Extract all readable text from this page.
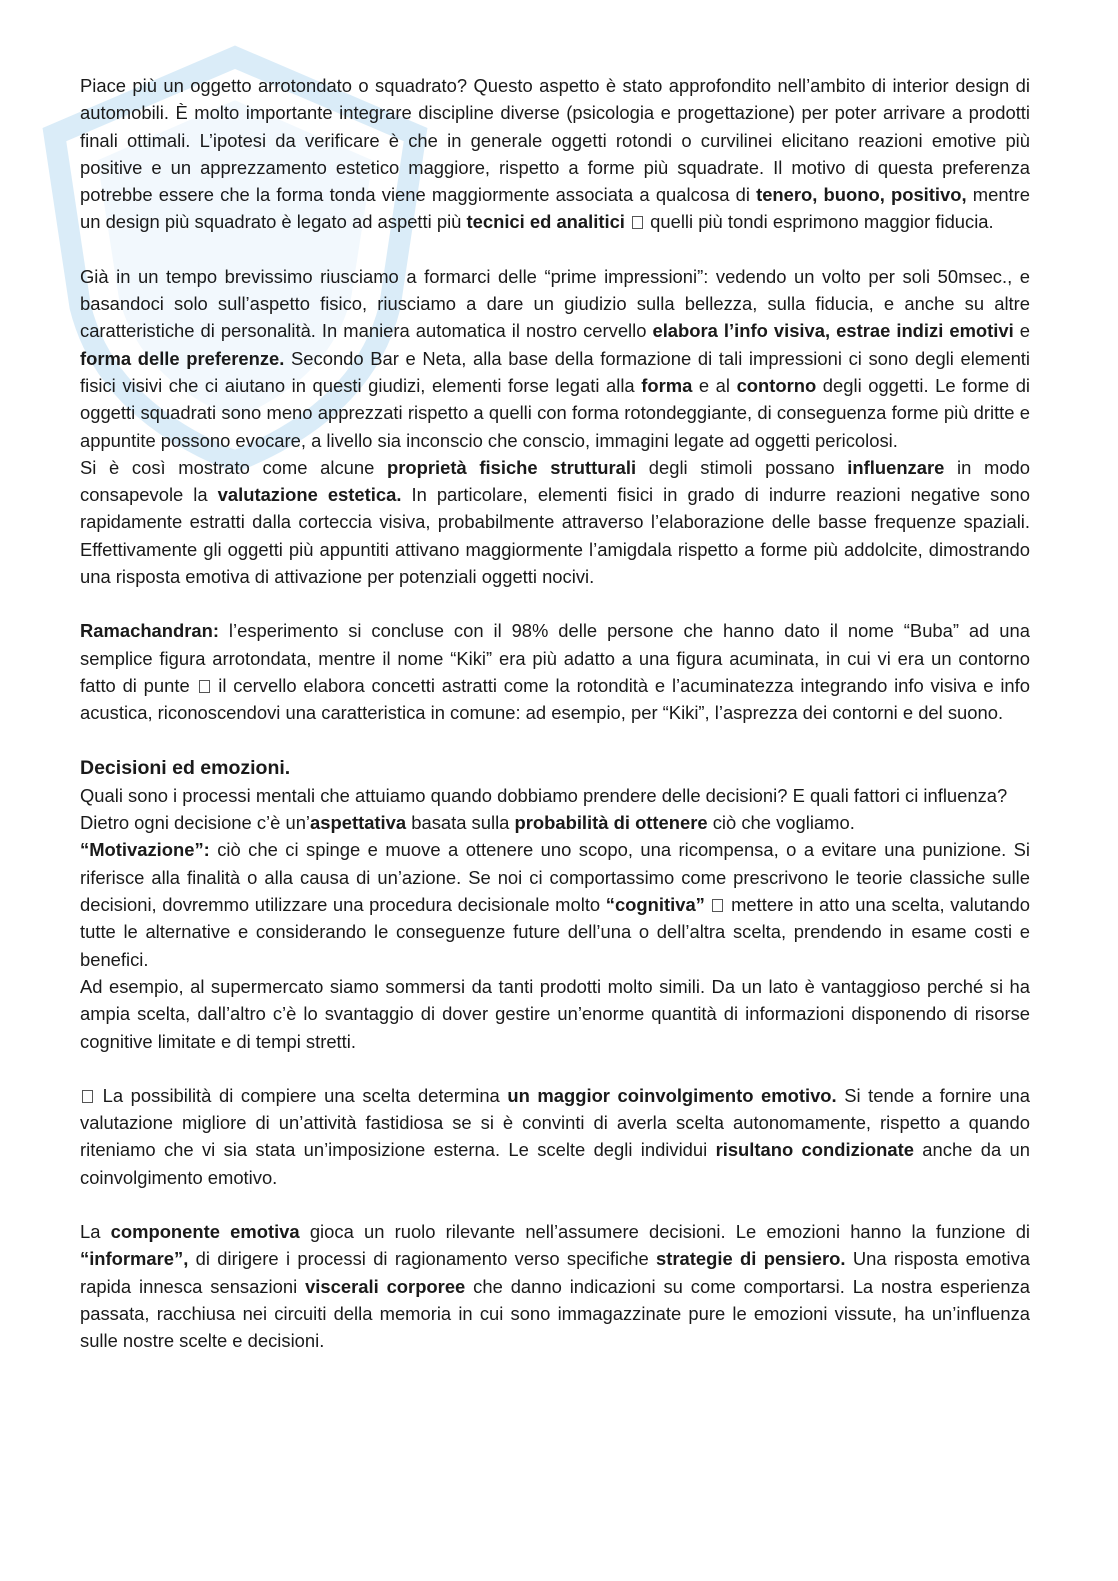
Piace più un oggetto arrotondato o squadrato? Questo aspetto è stato approfondito nell’ambito di interior design di automobili. È molto importante integrare discipline diverse (psicologia e progettazione) per poter arrivare a prodotti finali ottimali. L’ipotesi da verificare è che in generale oggetti rotondi o curvilinei elicitano reazioni emotive più positive e un apprezzamento estetico maggiore, rispetto a forme più squadrate. Il motivo di questa preferenza potrebbe essere che la forma tonda viene maggiormente associata a qualcosa di tenero, buono, positivo, mentre un design più squadrato è legato ad aspetti più tecnici ed analitici  quelli più tondi esprimono maggior fiducia.

Già in un tempo brevissimo riusciamo a formarci delle “prime impressioni”: vedendo un volto per soli 50msec., e basandoci solo sull’aspetto fisico, riusciamo a dare un giudizio sulla bellezza, sulla fiducia, e anche su altre caratteristiche di personalità. In maniera automatica il nostro cervello elabora l’info visiva, estrae indizi emotivi e forma delle preferenze. Secondo Bar e Neta, alla base della formazione di tali impressioni ci sono degli elementi fisici visivi che ci aiutano in questi giudizi, elementi forse legati alla forma e al contorno degli oggetti. Le forme di oggetti squadrati sono meno apprezzati rispetto a quelli con forma rotondeggiante, di conseguenza forme più dritte e appuntite possono evocare, a livello sia inconscio che conscio, immagini legate ad oggetti pericolosi.

Si è così mostrato come alcune proprietà fisiche strutturali degli stimoli possano influenzare in modo consapevole la valutazione estetica. In particolare, elementi fisici in grado di indurre reazioni negative sono rapidamente estratti dalla corteccia visiva, probabilmente attraverso l’elaborazione delle basse frequenze spaziali. Effettivamente gli oggetti più appuntiti attivano maggiormente l’amigdala rispetto a forme più addolcite, dimostrando una risposta emotiva di attivazione per potenziali oggetti nocivi.

Ramachandran: l’esperimento si concluse con il 98% delle persone che hanno dato il nome “Buba” ad una semplice figura arrotondata, mentre il nome “Kiki” era più adatto a una figura acuminata, in cui vi era un contorno fatto di punte  il cervello elabora concetti astratti come la rotondità e l’acuminatezza integrando info visiva e info acustica, riconoscendovi una caratteristica in comune: ad esempio, per “Kiki”, l’asprezza dei contorni e del suono.

Decisioni ed emozioni.

Quali sono i processi mentali che attuiamo quando dobbiamo prendere delle decisioni? E quali fattori ci influenza?

Dietro ogni decisione c’è un’aspettativa basata sulla probabilità di ottenere ciò che vogliamo.

“Motivazione”: ciò che ci spinge e muove a ottenere uno scopo, una ricompensa, o a evitare una punizione. Si riferisce alla finalità o alla causa di un’azione. Se noi ci comportassimo come prescrivono le teorie classiche sulle decisioni, dovremmo utilizzare una procedura decisionale molto “cognitiva”  mettere in atto una scelta, valutando tutte le alternative e considerando le conseguenze future dell’una o dell’altra scelta, prendendo in esame costi e benefici.

Ad esempio, al supermercato siamo sommersi da tanti prodotti molto simili. Da un lato è vantaggioso perché si ha ampia scelta, dall’altro c’è lo svantaggio di dover gestire un’enorme quantità di informazioni disponendo di risorse cognitive limitate e di tempi stretti.

La possibilità di compiere una scelta determina un maggior coinvolgimento emotivo. Si tende a fornire una valutazione migliore di un’attività fastidiosa se si è convinti di averla scelta autonomamente, rispetto a quando riteniamo che vi sia stata un’imposizione esterna. Le scelte degli individui risultano condizionate anche da un coinvolgimento emotivo.

La componente emotiva gioca un ruolo rilevante nell’assumere decisioni. Le emozioni hanno la funzione di “informare”, di dirigere i processi di ragionamento verso specifiche strategie di pensiero. Una risposta emotiva rapida innesca sensazioni viscerali corporee che danno indicazioni su come comportarsi. La nostra esperienza passata, racchiusa nei circuiti della memoria in cui sono immagazzinate pure le emozioni vissute, ha un’influenza sulle nostre scelte e decisioni.
